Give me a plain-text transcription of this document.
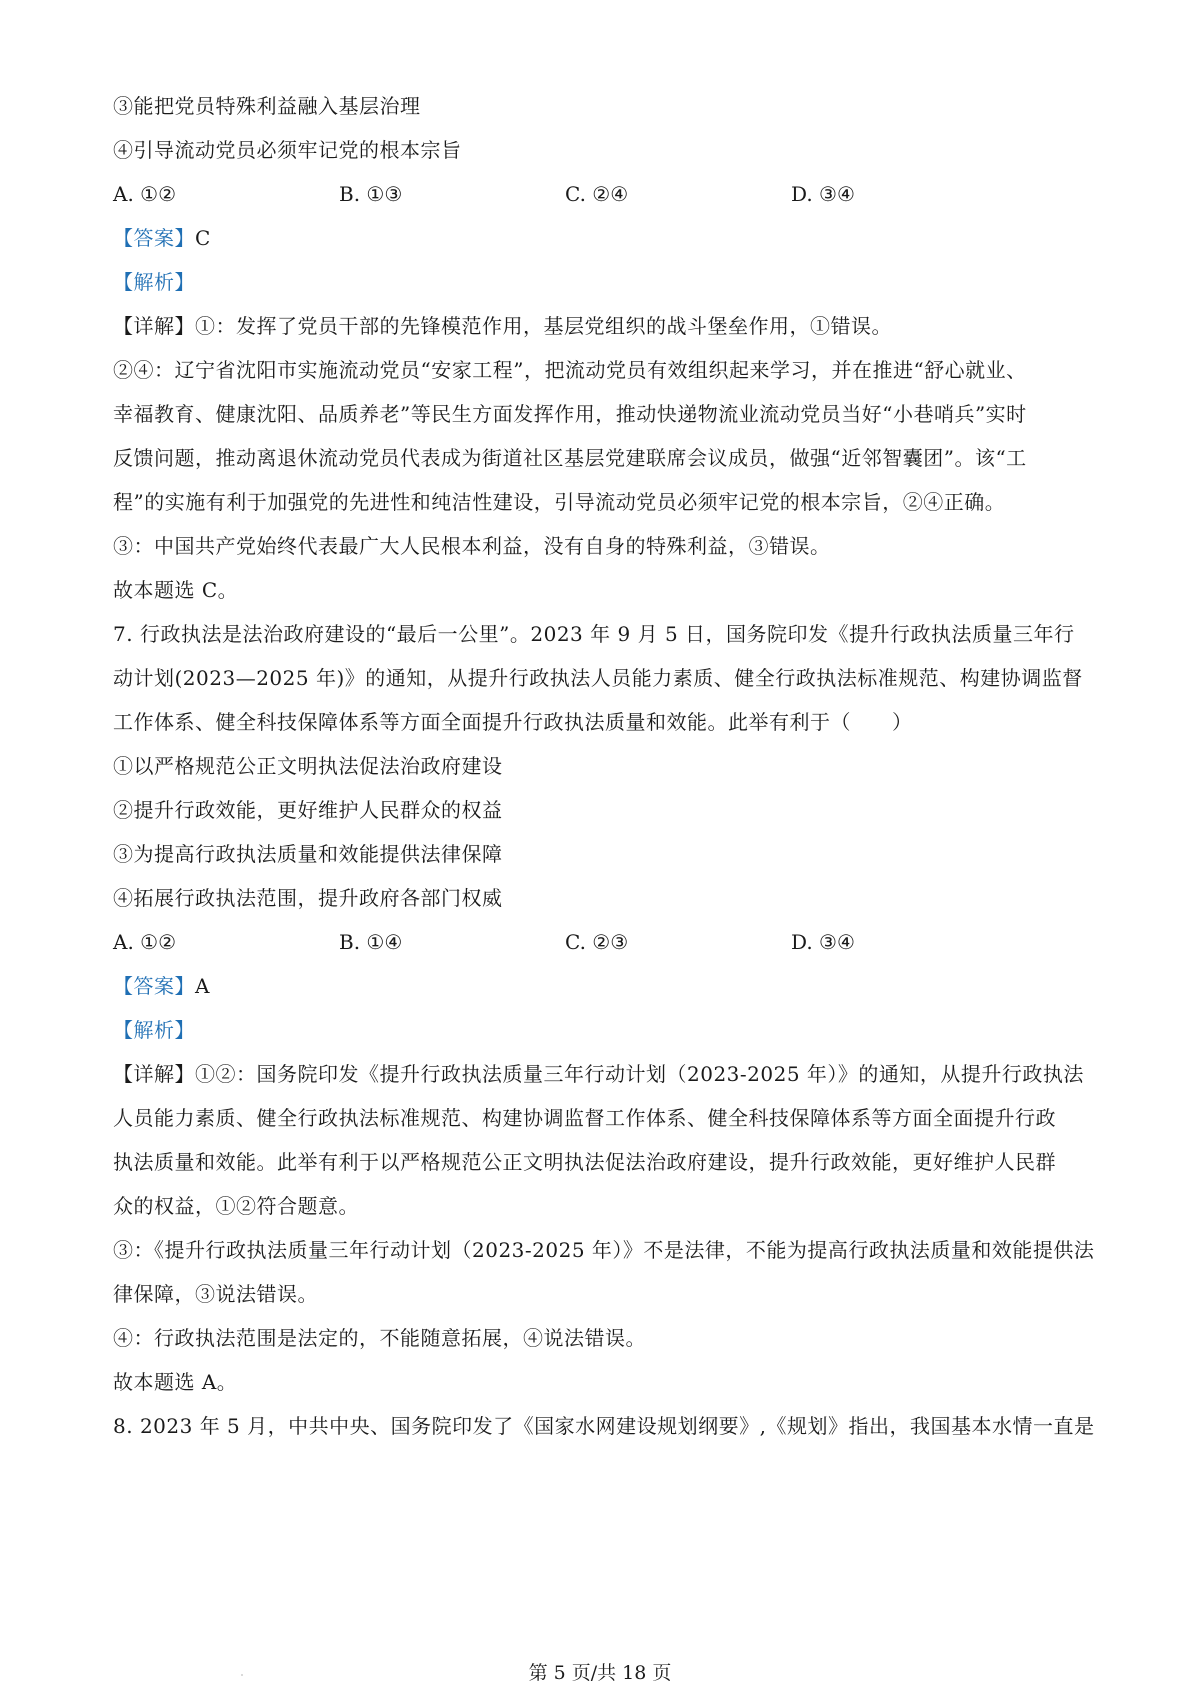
③能把党员特殊利益融入基层治理
④引导流动党员必须牢记党的根本宗旨
A. ①②	B. ①③	C. ②④	D. ③④
【答案】C
【解析】
【详解】①：发挥了党员干部的先锋模范作用，基层党组织的战斗堡垒作用，①错误。
②④：辽宁省沈阳市实施流动党员“安家工程”，把流动党员有效组织起来学习，并在推进“舒心就业、
幸福教育、健康沈阳、品质养老”等民生方面发挥作用，推动快递物流业流动党员当好“小巷哨兵”实时
反馈问题，推动离退休流动党员代表成为街道社区基层党建联席会议成员，做强“近邻智囊团”。该“工
程”的实施有利于加强党的先进性和纯洁性建设，引导流动党员必须牢记党的根本宗旨，②④正确。
③：中国共产党始终代表最广大人民根本利益，没有自身的特殊利益，③错误。
故本题选 C。
7. 行政执法是法治政府建设的“最后一公里”。2023 年 9 月 5 日，国务院印发《提升行政执法质量三年行
动计划(2023—2025 年)》的通知，从提升行政执法人员能力素质、健全行政执法标准规范、构建协调监督
工作体系、健全科技保障体系等方面全面提升行政执法质量和效能。此举有利于（　　）
①以严格规范公正文明执法促法治政府建设
②提升行政效能，更好维护人民群众的权益
③为提高行政执法质量和效能提供法律保障
④拓展行政执法范围，提升政府各部门权威
A. ①②	B. ①④	C. ②③	D. ③④
【答案】A
【解析】
【详解】①②：国务院印发《提升行政执法质量三年行动计划（2023-2025 年）》的通知，从提升行政执法
人员能力素质、健全行政执法标准规范、构建协调监督工作体系、健全科技保障体系等方面全面提升行政
执法质量和效能。此举有利于以严格规范公正文明执法促法治政府建设，提升行政效能，更好维护人民群
众的权益，①②符合题意。
③：《提升行政执法质量三年行动计划（2023-2025 年）》不是法律，不能为提高行政执法质量和效能提供法
律保障，③说法错误。
④：行政执法范围是法定的，不能随意拓展，④说法错误。
故本题选 A。
8. 2023 年 5 月，中共中央、国务院印发了《国家水网建设规划纲要》,《规划》指出，我国基本水情一直是
第 5 页/共 18 页
